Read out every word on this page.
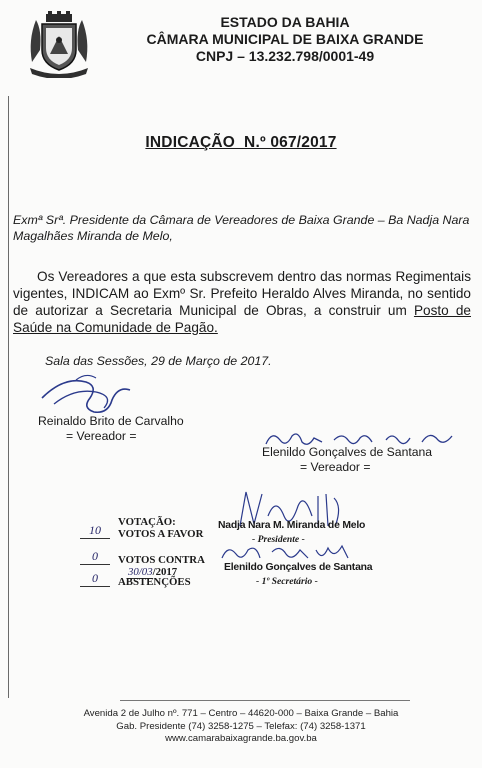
ESTADO DA BAHIA
CÂMARA MUNICIPAL DE BAIXA GRANDE
CNPJ – 13.232.798/0001-49
INDICAÇÃO  N.º 067/2017
Exmª Srª. Presidente da Câmara de Vereadores de Baixa Grande – Ba Nadja Nara Magalhães Miranda de Melo,
Os Vereadores a que esta subscrevem dentro das normas Regimentais vigentes, INDICAM ao Exmº Sr. Prefeito Heraldo Alves Miranda, no sentido de autorizar a Secretaria Municipal de Obras, a construir um Posto de Saúde na Comunidade de Pagão.
Sala das Sessões, 29 de Março de 2017.
Reinaldo Brito de Carvalho
= Vereador =
Elenildo Gonçalves de Santana
= Vereador =
VOTAÇÃO:
10	VOTOS A FAVOR
0	VOTOS CONTRA
30/03/2017
0	ABSTENÇÕES
Nadja Nara M. Miranda de Melo
- Presidente -
Elenildo Gonçalves de Santana
- 1º Secretário -
Avenida 2 de Julho nº. 771 – Centro – 44620-000 – Baixa Grande – Bahia
Gab. Presidente (74) 3258-1275 – Telefax: (74) 3258-1371
www.camarabaixagrande.ba.gov.ba
